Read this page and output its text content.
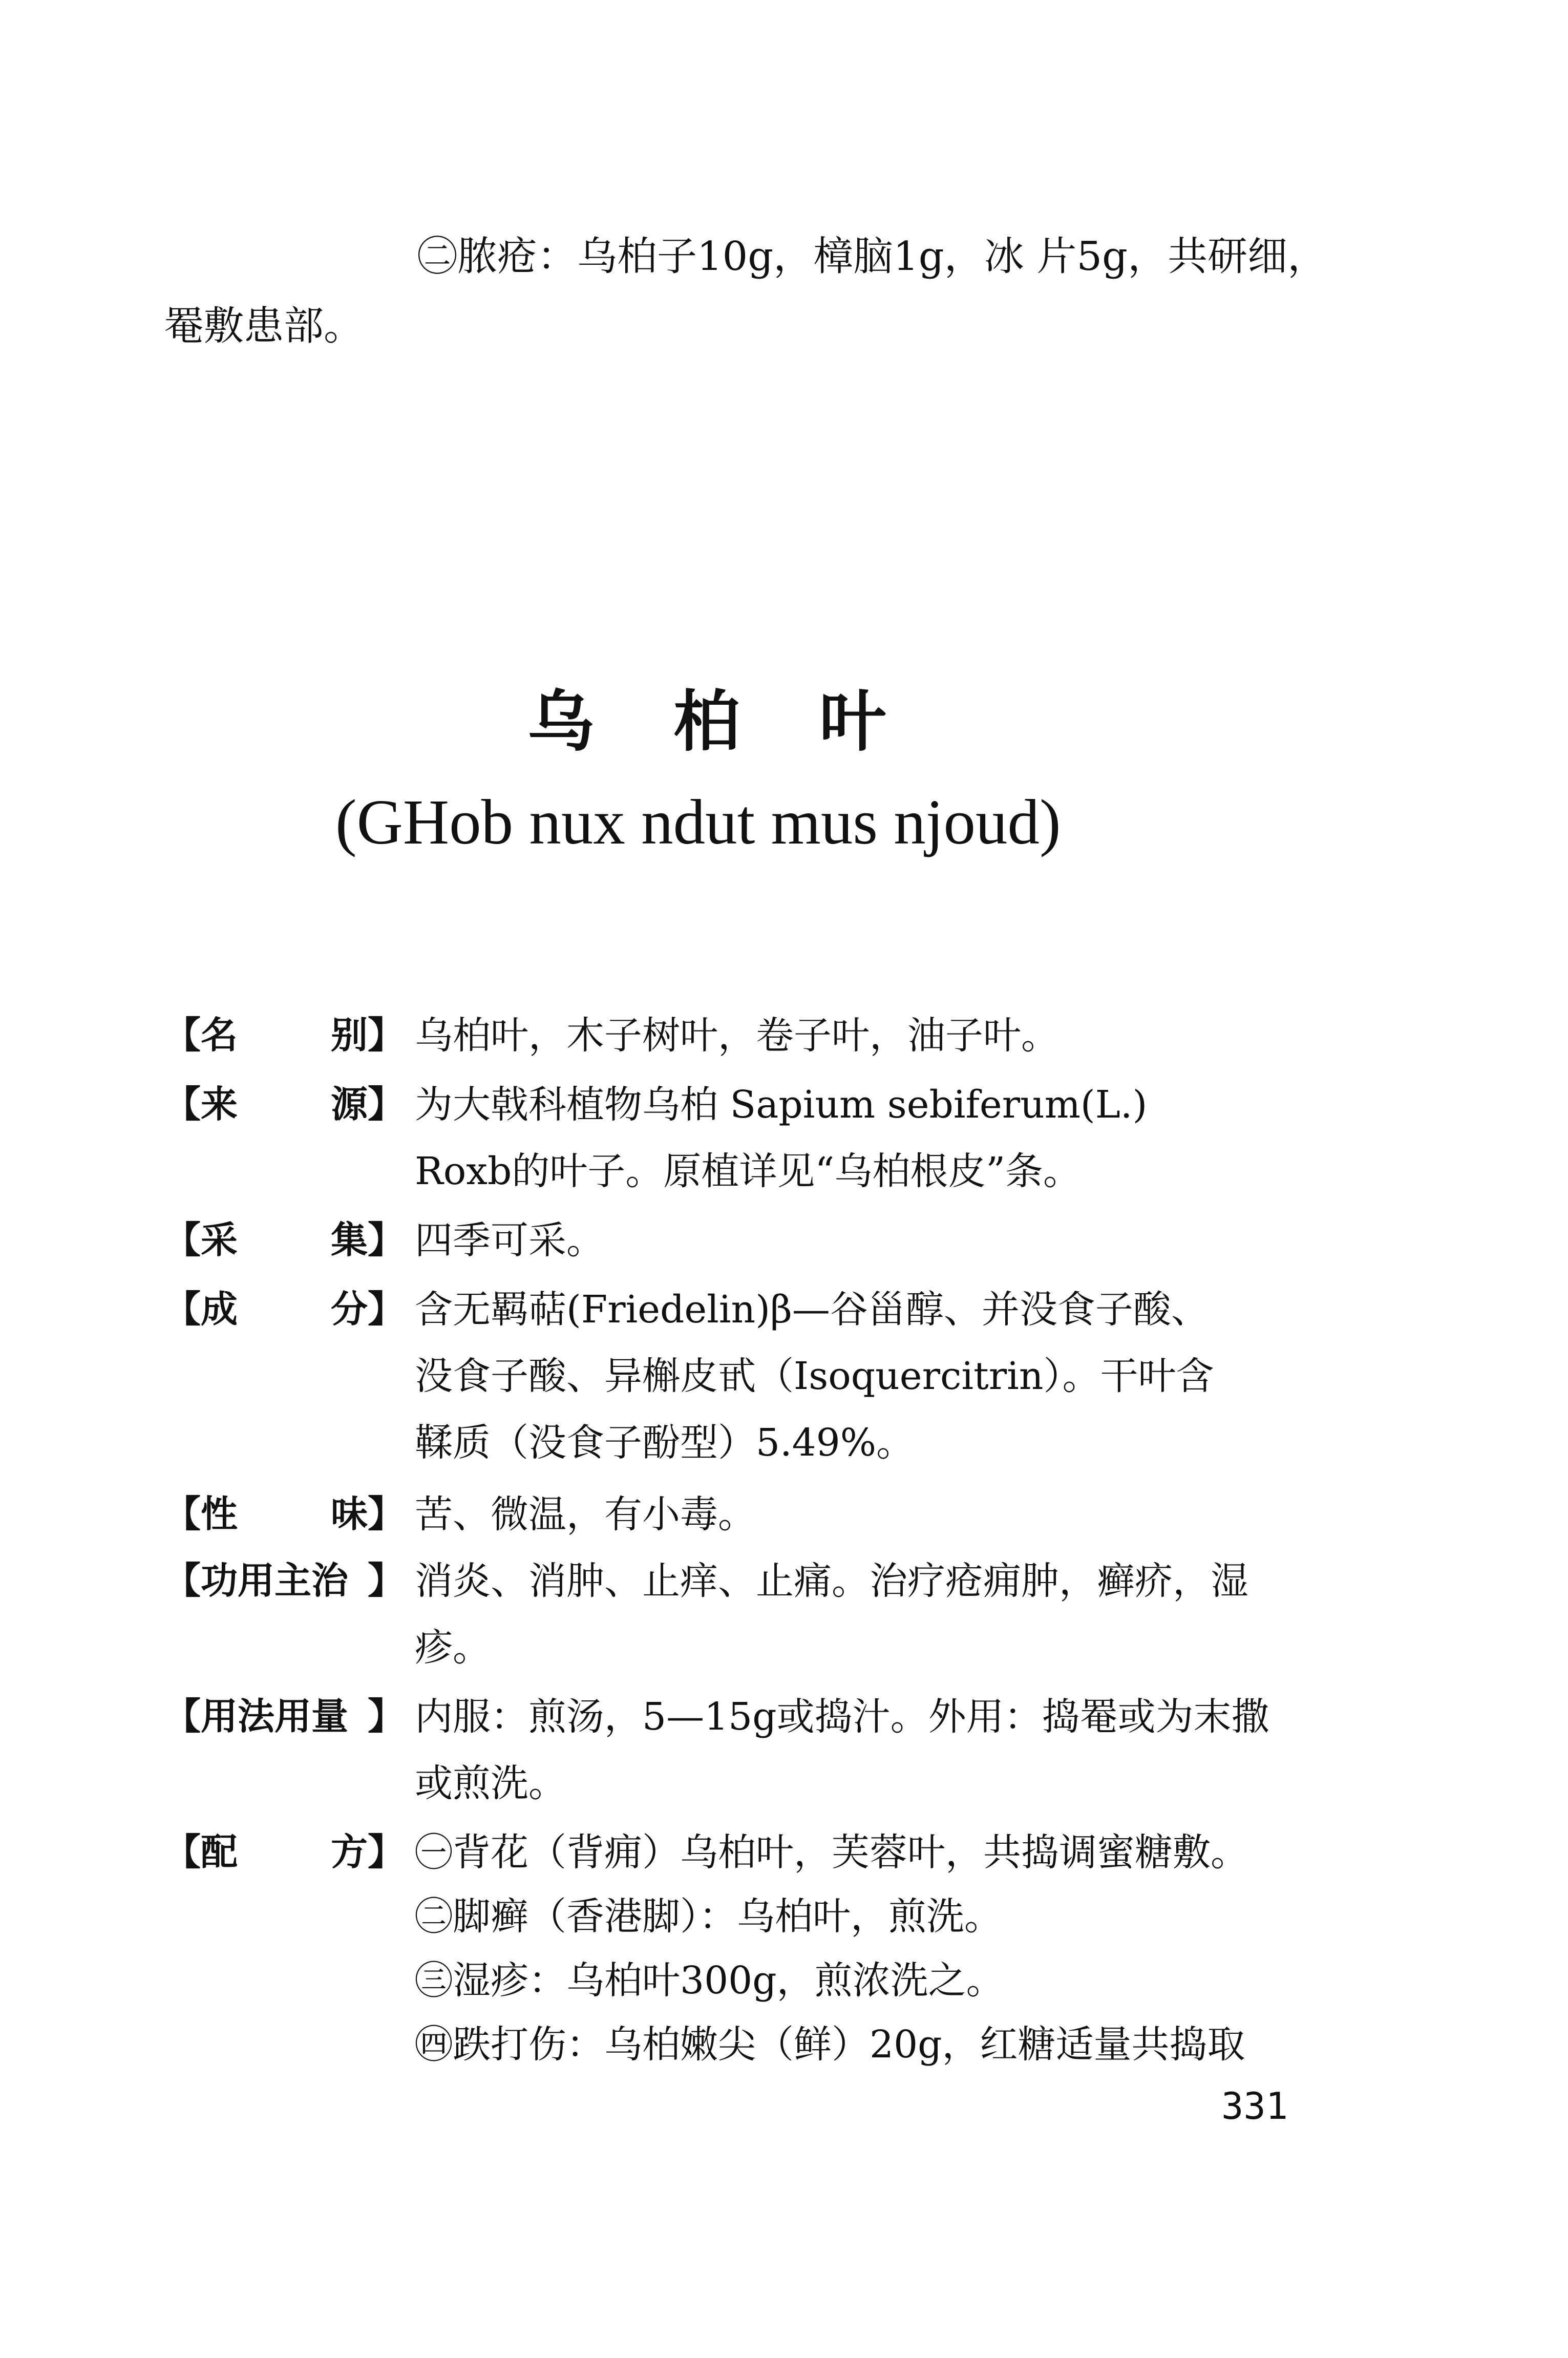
㊁脓疮：乌柏子10g，樟脑1g，冰 片5g，共研细，
罨敷患部。
乌柏叶
(GHob nux ndut mus njoud)
【名	别】 乌柏叶，木子树叶，卷子叶，油子叶。
【来	源】 为大戟科植物乌柏 Sapium sebiferum(L.)
Roxb的叶子。原植详见“乌柏根皮”条。
【采	集】 四季可采。
【成	分】 含无羁萜(Friedelin)β—谷甾醇、并没食子酸、
没食子酸、异槲皮甙（Isoquercitrin）。干叶含
鞣质（没食子酚型）5.49%。
【性	味】 苦、微温，有小毒。
【功用主治 】 消炎、消肿、止痒、止痛。治疗疮痈肿，癣疥，湿
疹。
【用法用量 】 内服：煎汤，5—15g或捣汁。外用：捣罨或为末撒
或煎洗。
【配	方】 ㊀背花（背痈）乌柏叶，芙蓉叶，共捣调蜜糖敷。
㊁脚癣（香港脚）：乌柏叶，煎洗。
㊂湿疹：乌柏叶300g，煎浓洗之。
㊃跌打伤：乌柏嫩尖（鲜）20g，红糖适量共捣取
331
